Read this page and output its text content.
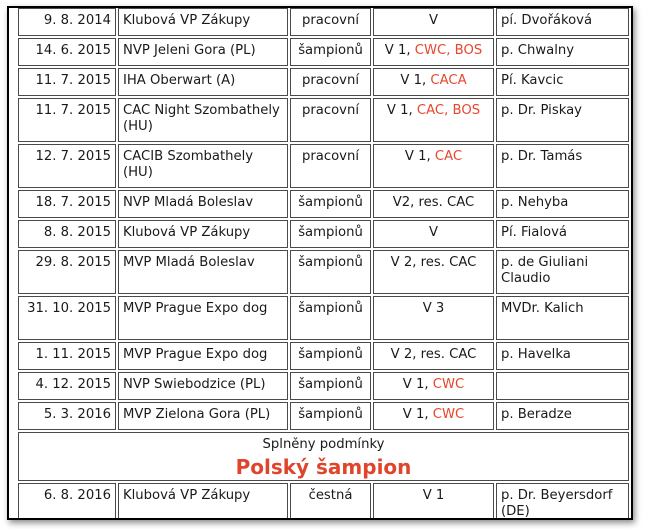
9. 8. 2014	Klubová VP Zákupy	pracovní	V	pí. Dvořáková
14. 6. 2015	NVP Jeleni Gora (PL)	šampionů	V 1, CWC, BOS	p. Chwalny
11. 7. 2015	IHA Oberwart (A)	pracovní	V 1, CACA	Pí. Kavcic
11. 7. 2015	CAC Night Szombathely (HU)	pracovní	V 1, CAC, BOS	p. Dr. Piskay
12. 7. 2015	CACIB Szombathely (HU)	pracovní	V 1, CAC	p. Dr. Tamás
18. 7. 2015	NVP Mladá Boleslav	šampionů	V2, res. CAC	p. Nehyba
8. 8. 2015	Klubová VP Zákupy	šampionů	V	Pí. Fialová
29. 8. 2015	MVP Mladá Boleslav	šampionů	V 2, res. CAC	p. de Giuliani Claudio
31. 10. 2015	MVP Prague Expo dog	šampionů	V 3	MVDr. Kalich
1. 11. 2015	MVP Prague Expo dog	šampionů	V 2, res. CAC	p. Havelka
4. 12. 2015	NVP Swiebodzice (PL)	šampionů	V 1, CWC	
5. 3. 2016	MVP Zielona Gora (PL)	šampionů	V 1, CWC	p. Beradze

Splněny podmínky
Polský šampion				

6. 8. 2016	Klubová VP Zákupy	čestná	V 1	p. Dr. Beyersdorf (DE)
